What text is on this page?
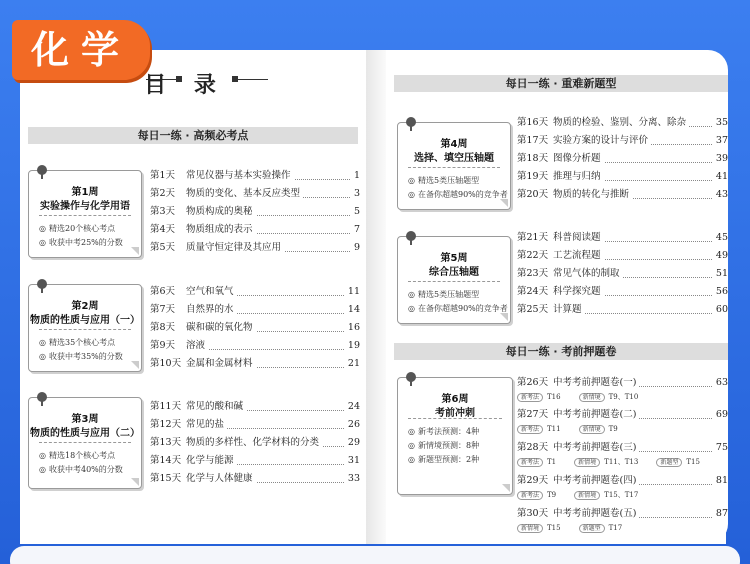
化学
目 录
每日一练 · 高频必考点
每日一练 · 重难新题型
每日一练 · 考前押题卷
第1周
实验操作与化学用语
◎ 精选20个核心考点
◎ 收获中考25%的分数
第2周
物质的性质与应用（一）
◎ 精选35个核心考点
◎ 收获中考35%的分数
第3周
物质的性质与应用（二）
◎ 精选18个核心考点
◎ 收获中考40%的分数
第4周
选择、填空压轴题
◎ 精选5类压轴题型
◎ 在备你超越90%的竞争者
第5周
综合压轴题
◎ 精选5类压轴题型
◎ 在备你超越90%的竞争者
第6周
考前冲刺
◎ 新考法预测：4种
◎ 新情境预测：8种
◎ 新题型预测：2种
第1天 常见仪器与基本实验操作	1
第2天 物质的变化、基本反应类型	3
第3天 物质构成的奥秘	5
第4天 物质组成的表示	7
第5天 质量守恒定律及其应用	9
第6天 空气和氧气	11
第7天 自然界的水	14
第8天 碳和碳的氧化物	16
第9天 溶液	19
第10天 金属和金属材料	21
第11天 常见的酸和碱	24
第12天 常见的盐	26
第13天 物质的多样性、化学材料的分类	29
第14天 化学与能源	31
第15天 化学与人体健康	33
第16天 物质的检验、鉴别、分离、除杂	35
第17天 实验方案的设计与评价	37
第18天 图像分析题	39
第19天 推理与归纳	41
第20天 物质的转化与推断	43
第21天 科普阅读题	45
第22天 工艺流程题	49
第23天 常见气体的制取	51
第24天 科学探究题	56
第25天 计算题	60
第26天 中考考前押题卷(一)	63
新考法 T16	新情境 T9、T10
第27天 中考考前押题卷(二)	69
新考法 T11	新情境 T9
第28天 中考考前押题卷(三)	75
新考法 T1	新情境 T11、T13	新题型 T15
第29天 中考考前押题卷(四)	81
新考法 T9	新情境 T15、T17
第30天 中考考前押题卷(五)	87
新情境 T15	新题型 T17
